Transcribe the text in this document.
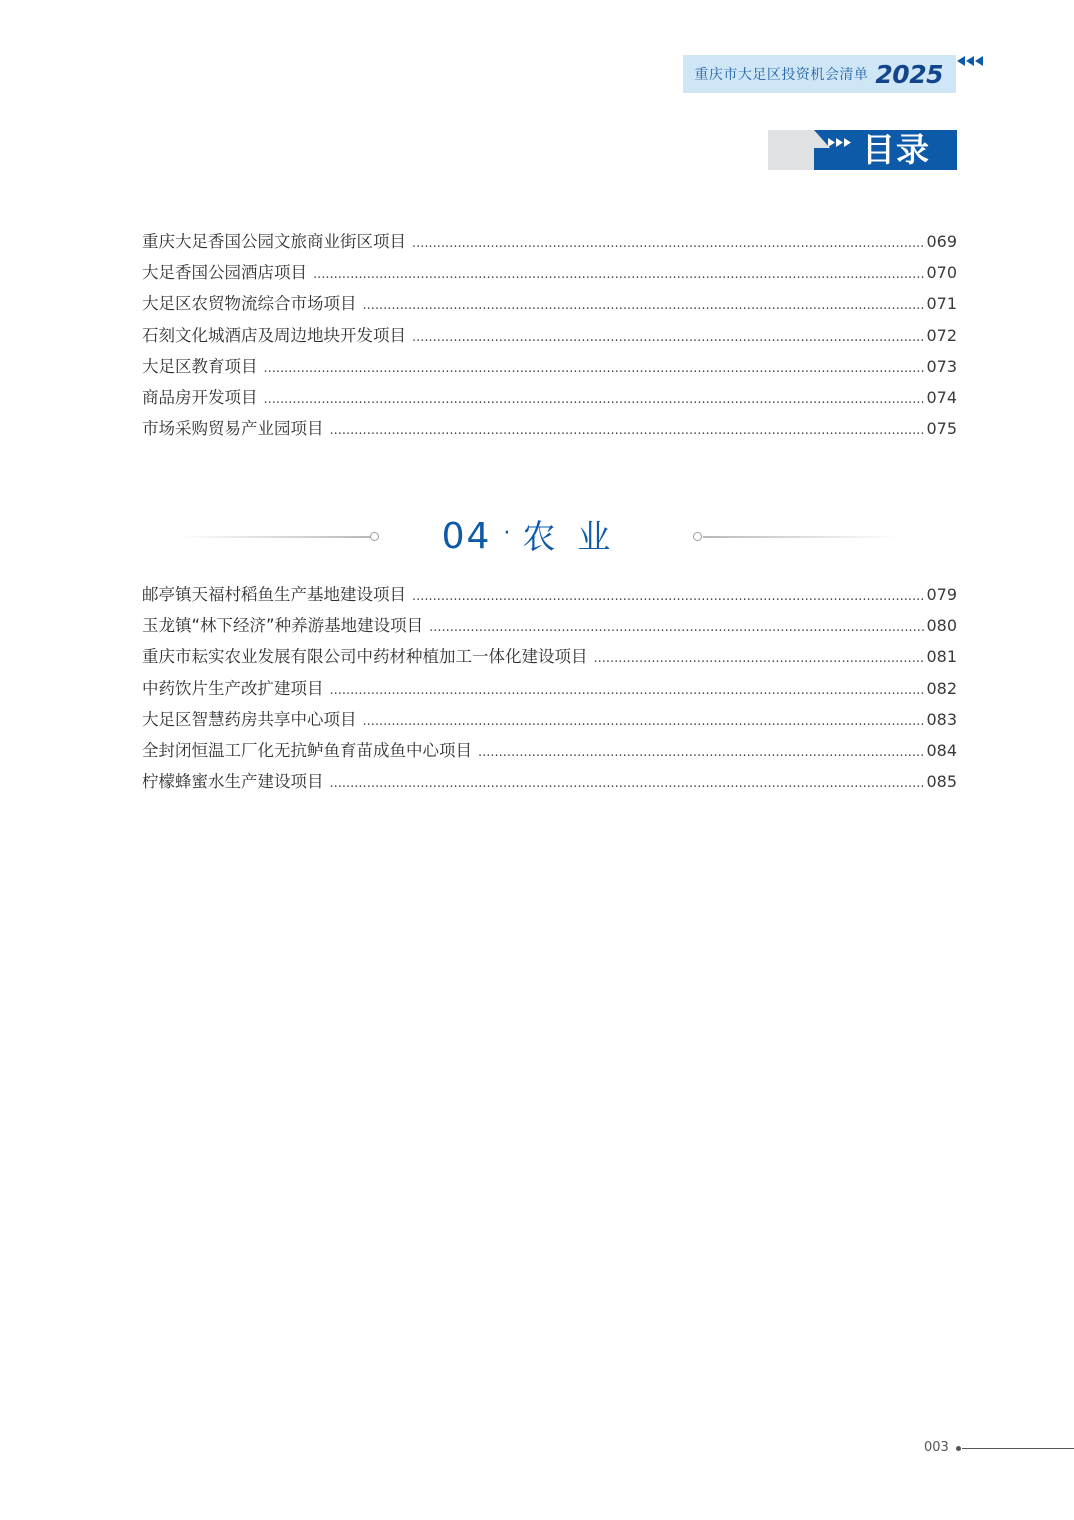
重庆市大足区投资机会清单 2025
目录
重庆大足香国公园文旅商业街区项目 .....	069
大足香国公园酒店项目 .....	070
大足区农贸物流综合市场项目 .....	071
石刻文化城酒店及周边地块开发项目 .....	072
大足区教育项目 .....	073
商品房开发项目 .....	074
市场采购贸易产业园项目 .....	075
04 · 农业
邮亭镇天福村稻鱼生产基地建设项目 .....	079
玉龙镇“林下经济”种养游基地建设项目 .....	080
重庆市耘实农业发展有限公司中药材种植加工一体化建设项目 .....	081
中药饮片生产改扩建项目 .....	082
大足区智慧药房共享中心项目 .....	083
全封闭恒温工厂化无抗鲈鱼育苗成鱼中心项目 .....	084
柠檬蜂蜜水生产建设项目 .....	085
003
